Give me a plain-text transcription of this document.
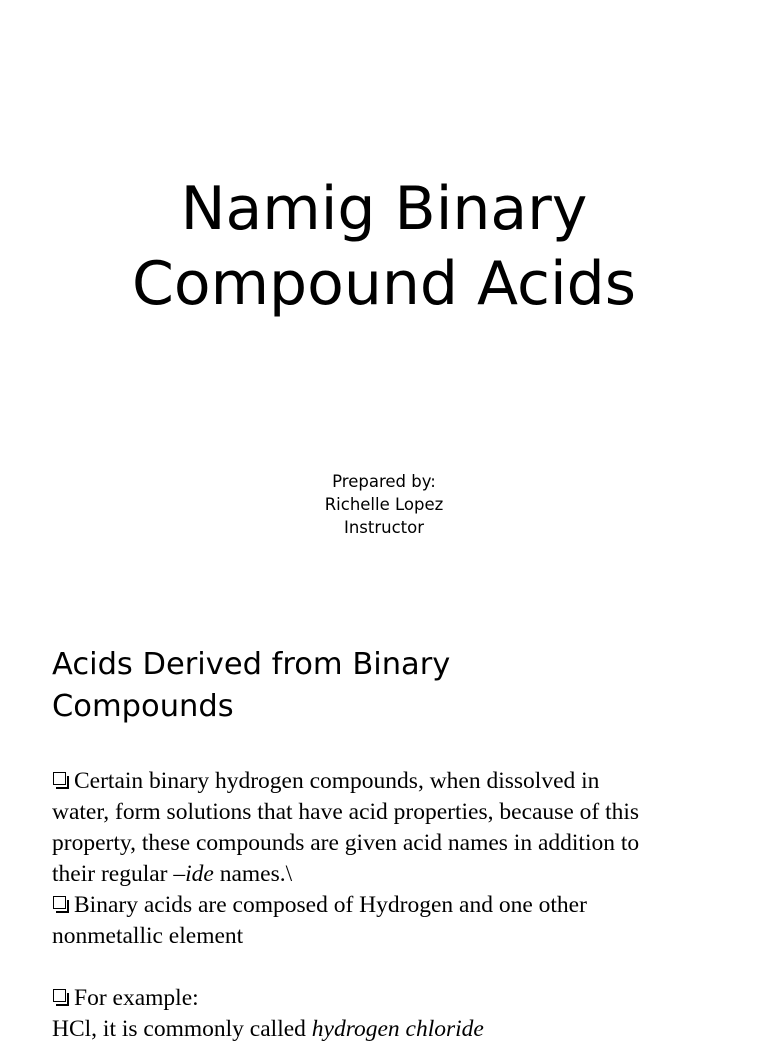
Namig Binary
Compound Acids
Prepared by:
Richelle Lopez
Instructor
Acids Derived from Binary
Compounds
Certain binary hydrogen compounds, when dissolved in
water, form solutions that have acid properties, because of this
property, these compounds are given acid names in addition to
their regular –ide names.\
Binary acids are composed of Hydrogen and one other
nonmetallic element
For example:
HCl, it is commonly called hydrogen chloride
